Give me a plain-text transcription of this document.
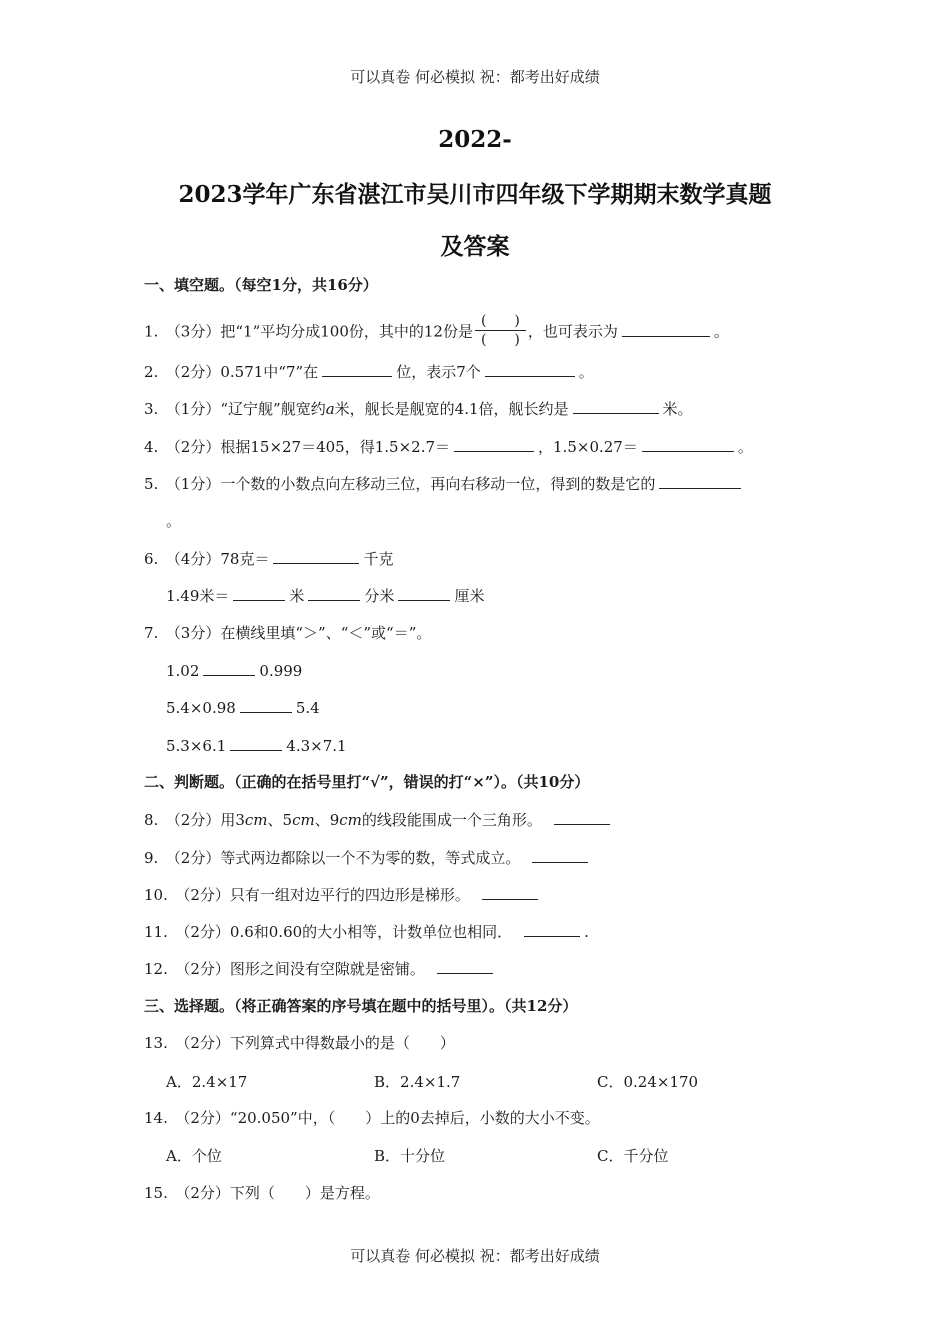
可以真卷 何必模拟 祝：都考出好成绩
2022-
2023学年广东省湛江市吴川市四年级下学期期末数学真题
及答案
一、填空题。（每空1分，共16分）
1.　（3分）把“1”平均分成100份，其中的12份是 $\frac{( )}{( )}$ ，也可表示为	。
2.　（2分）0.571中“7”在	位，表示7个	。
3.　（1分）“辽宁舰”舰宽约a米，舰长是舰宽的4.1倍，舰长约是	米。
4.　（2分）根据15×27＝405，得1.5×2.7＝	，1.5×0.27＝	。
5.　（1分）一个数的小数点向左移动三位，再向右移动一位，得到的数是它的
。
6.　（4分）78克＝	千克
1.49米＝	米	分米	厘米
7.　（3分）在横线里填“＞”、“＜”或“＝”。
1.02	0.999
5.4×0.98	5.4
5.3×6.1	4.3×7.1
二、判断题。（正确的在括号里打“√”，错误的打“×”）。（共10分）
8.　（2分）用3cm、5cm、9cm的线段能围成一个三角形。
9.　（2分）等式两边都除以一个不为零的数，等式成立。
10.　（2分）只有一组对边平行的四边形是梯形。
11.　（2分）0.6和0.60的大小相等，计数单位也相同．	.
12.　（2分）图形之间没有空隙就是密铺。
三、选择题。（将正确答案的序号填在题中的括号里）。（共12分）
13.　（2分）下列算式中得数最小的是（　　）
A．2.4×17	B．2.4×1.7	C．0.24×170
14.　（2分）“20.050”中，（　　）上的0去掉后，小数的大小不变。
A．个位	B．十分位	C．千分位
15.　（2分）下列（　　）是方程。
可以真卷 何必模拟 祝：都考出好成绩
